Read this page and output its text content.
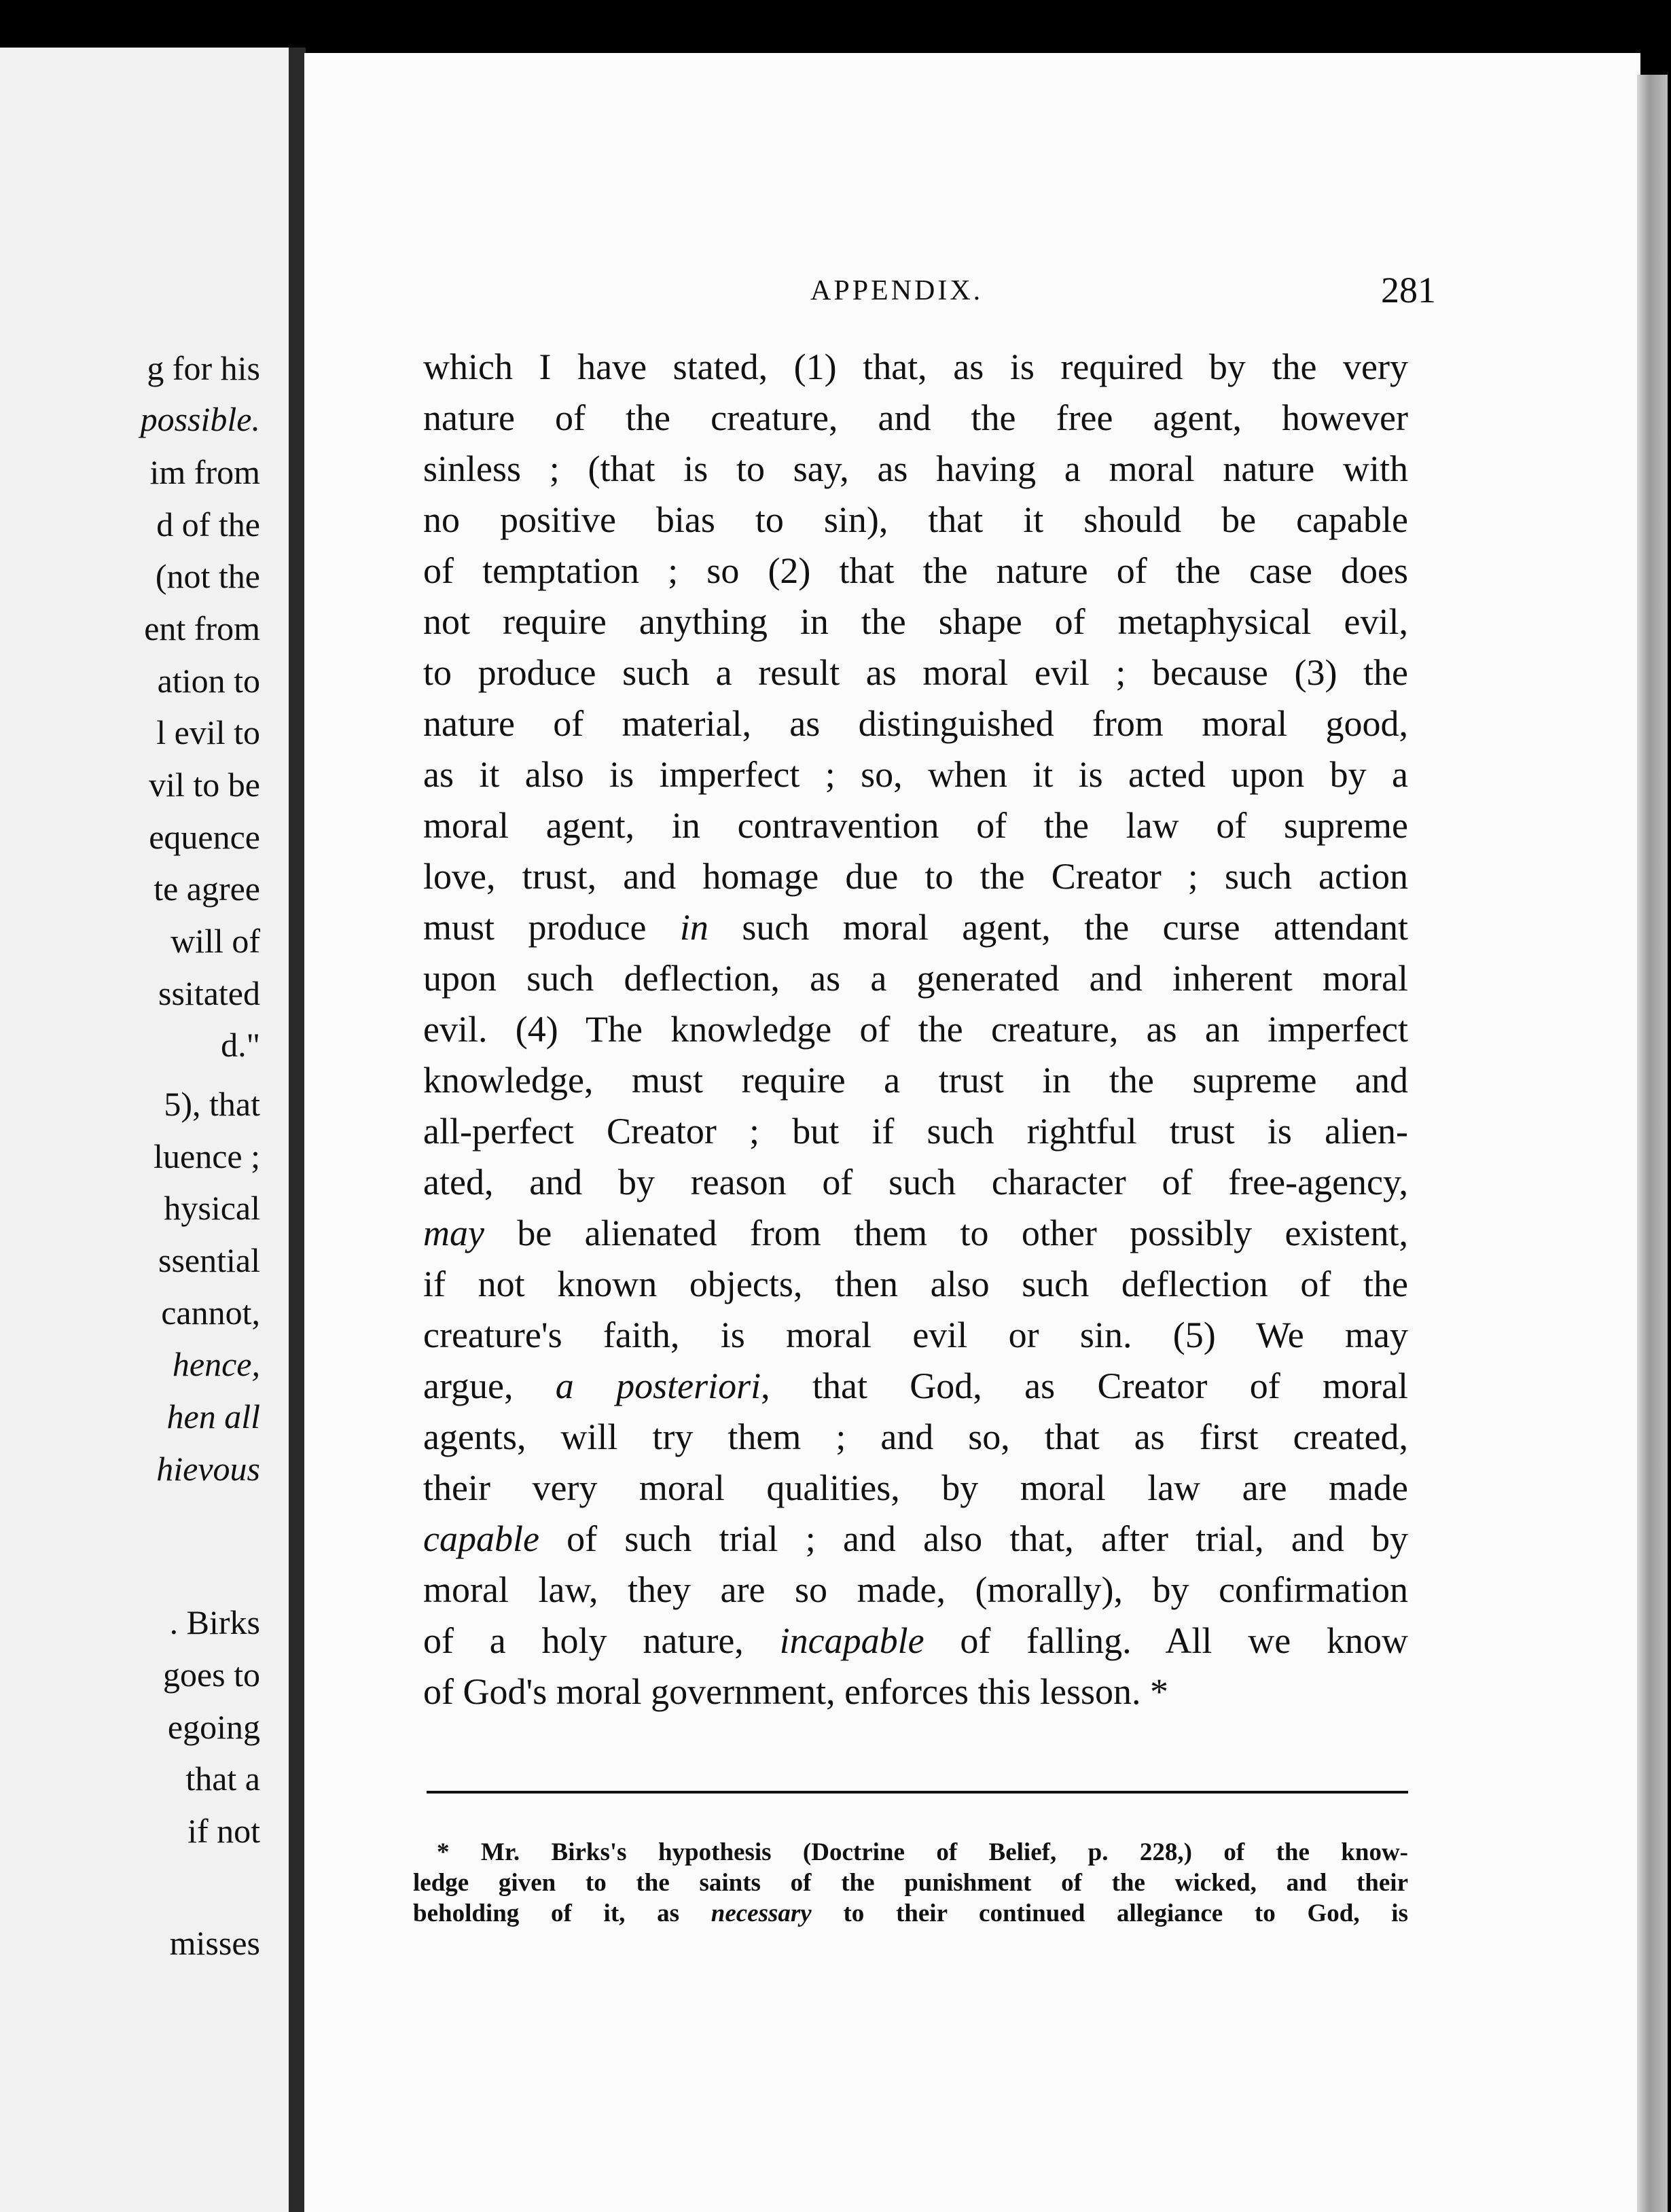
g for his
possible.
im from
d of the
(not the
ent from
ation to
l evil to
vil to be
equence
te agree
will of
ssitated
d."
5), that
luence ;
hysical
ssential
cannot,
hence,
hen all
hievous
. Birks
goes to
egoing
that a
if not
misses
APPENDIX.	281
which I have stated, (1) that, as is required by the very
nature of the creature, and the free agent, however
sinless ; (that is to say, as having a moral nature with
no positive bias to sin), that it should be capable
of temptation ; so (2) that the nature of the case does
not require anything in the shape of metaphysical evil,
to produce such a result as moral evil ; because (3) the
nature of material, as distinguished from moral good,
as it also is imperfect ; so, when it is acted upon by a
moral agent, in contravention of the law of supreme
love, trust, and homage due to the Creator ; such action
must produce in such moral agent, the curse attendant
upon such deflection, as a generated and inherent moral
evil. (4) The knowledge of the creature, as an imperfect
knowledge, must require a trust in the supreme and
all-perfect Creator ; but if such rightful trust is alien-
ated, and by reason of such character of free-agency,
may be alienated from them to other possibly existent,
if not known objects, then also such deflection of the
creature's faith, is moral evil or sin. (5) We may
argue, a posteriori, that God, as Creator of moral
agents, will try them ; and so, that as first created,
their very moral qualities, by moral law are made
capable of such trial ; and also that, after trial, and by
moral law, they are so made, (morally), by confirmation
of a holy nature, incapable of falling. All we know
of God's moral government, enforces this lesson. *
* Mr. Birks's hypothesis (Doctrine of Belief, p. 228,) of the know-
ledge given to the saints of the punishment of the wicked, and their
beholding of it, as necessary to their continued allegiance to God, is
